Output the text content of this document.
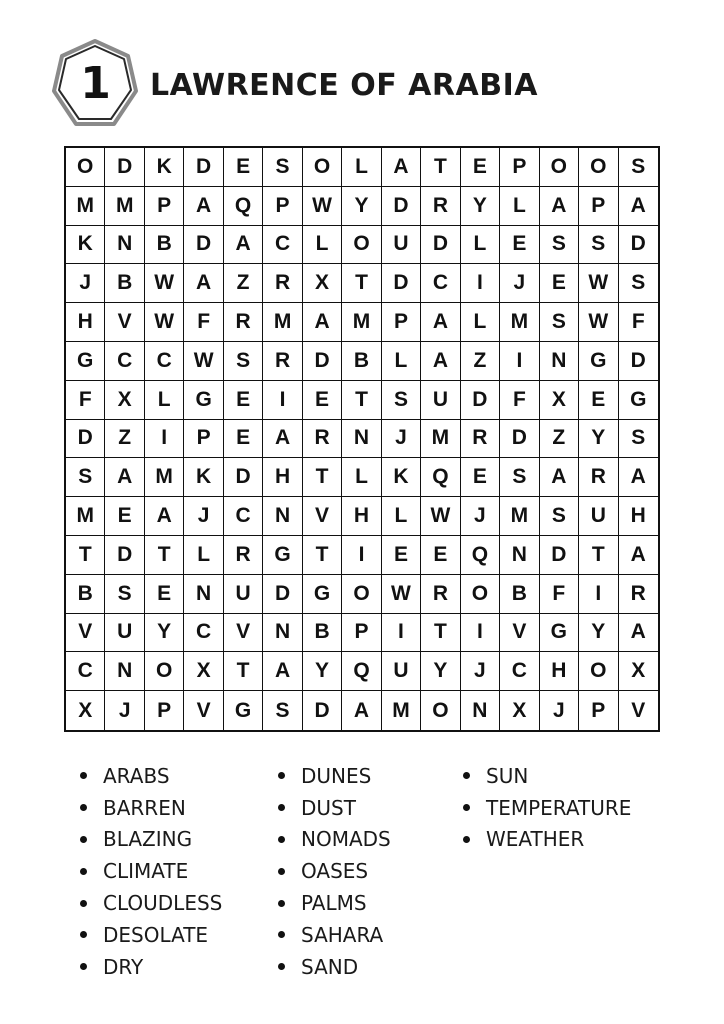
1	LAWRENCE OF ARABIA
O	D	K	D	E	S	O	L	A	T	E	P	O	O	S
M	M	P	A	Q	P	W	Y	D	R	Y	L	A	P	A
K	N	B	D	A	C	L	O	U	D	L	E	S	S	D
J	B	W	A	Z	R	X	T	D	C	I	J	E	W	S
H	V	W	F	R	M	A	M	P	A	L	M	S	W	F
G	C	C	W	S	R	D	B	L	A	Z	I	N	G	D
F	X	L	G	E	I	E	T	S	U	D	F	X	E	G
D	Z	I	P	E	A	R	N	J	M	R	D	Z	Y	S
S	A	M	K	D	H	T	L	K	Q	E	S	A	R	A
M	E	A	J	C	N	V	H	L	W	J	M	S	U	H
T	D	T	L	R	G	T	I	E	E	Q	N	D	T	A
B	S	E	N	U	D	G	O	W	R	O	B	F	I	R
V	U	Y	C	V	N	B	P	I	T	I	V	G	Y	A
C	N	O	X	T	A	Y	Q	U	Y	J	C	H	O	X
X	J	P	V	G	S	D	A	M	O	N	X	J	P	V
ARABS
BARREN
BLAZING
CLIMATE
CLOUDLESS
DESOLATE
DRY
DUNES
DUST
NOMADS
OASES
PALMS
SAHARA
SAND
SUN
TEMPERATURE
WEATHER
